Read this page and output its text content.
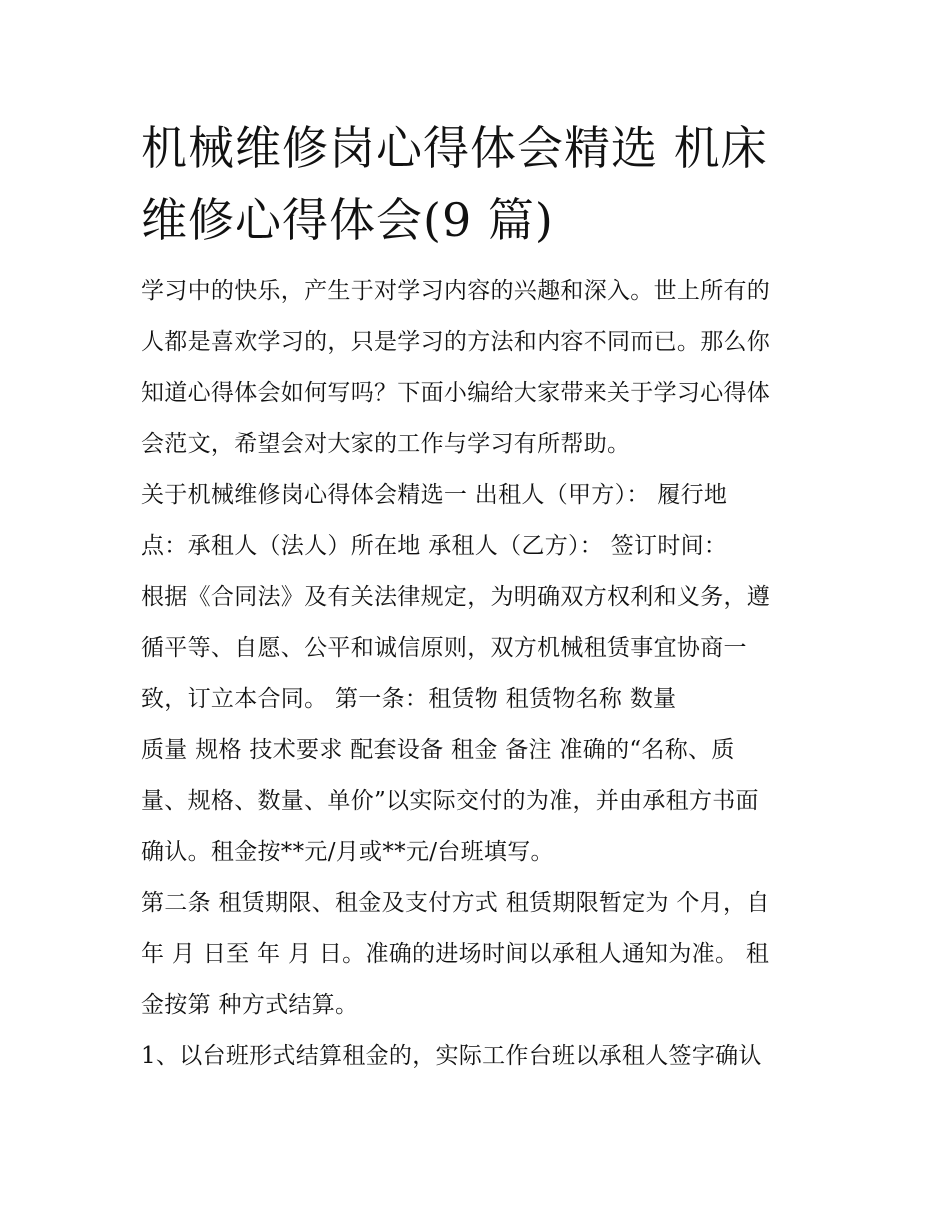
机械维修岗心得体会精选 机床
维修心得体会(9 篇)

学习中的快乐，产生于对学习内容的兴趣和深入。世上所有的
人都是喜欢学习的，只是学习的方法和内容不同而已。那么你
知道心得体会如何写吗？下面小编给大家带来关于学习心得体
会范文，希望会对大家的工作与学习有所帮助。

关于机械维修岗心得体会精选一 出租人（甲方）： 履行地
点：承租人（法人）所在地 承租人（乙方）： 签订时间：
根据《合同法》及有关法律规定，为明确双方权利和义务，遵
循平等、自愿、公平和诚信原则，双方机械租赁事宜协商一
致，订立本合同。 第一条：租赁物 租赁物名称 数量
质量 规格 技术要求 配套设备 租金 备注 准确的“名称、质
量、规格、数量、单价”以实际交付的为准，并由承租方书面
确认。租金按**元/月或**元/台班填写。

第二条 租赁期限、租金及支付方式 租赁期限暂定为 个月，自
年 月 日至 年 月 日。准确的进场时间以承租人通知为准。 租
金按第 种方式结算。

1、以台班形式结算租金的，实际工作台班以承租人签字确认
